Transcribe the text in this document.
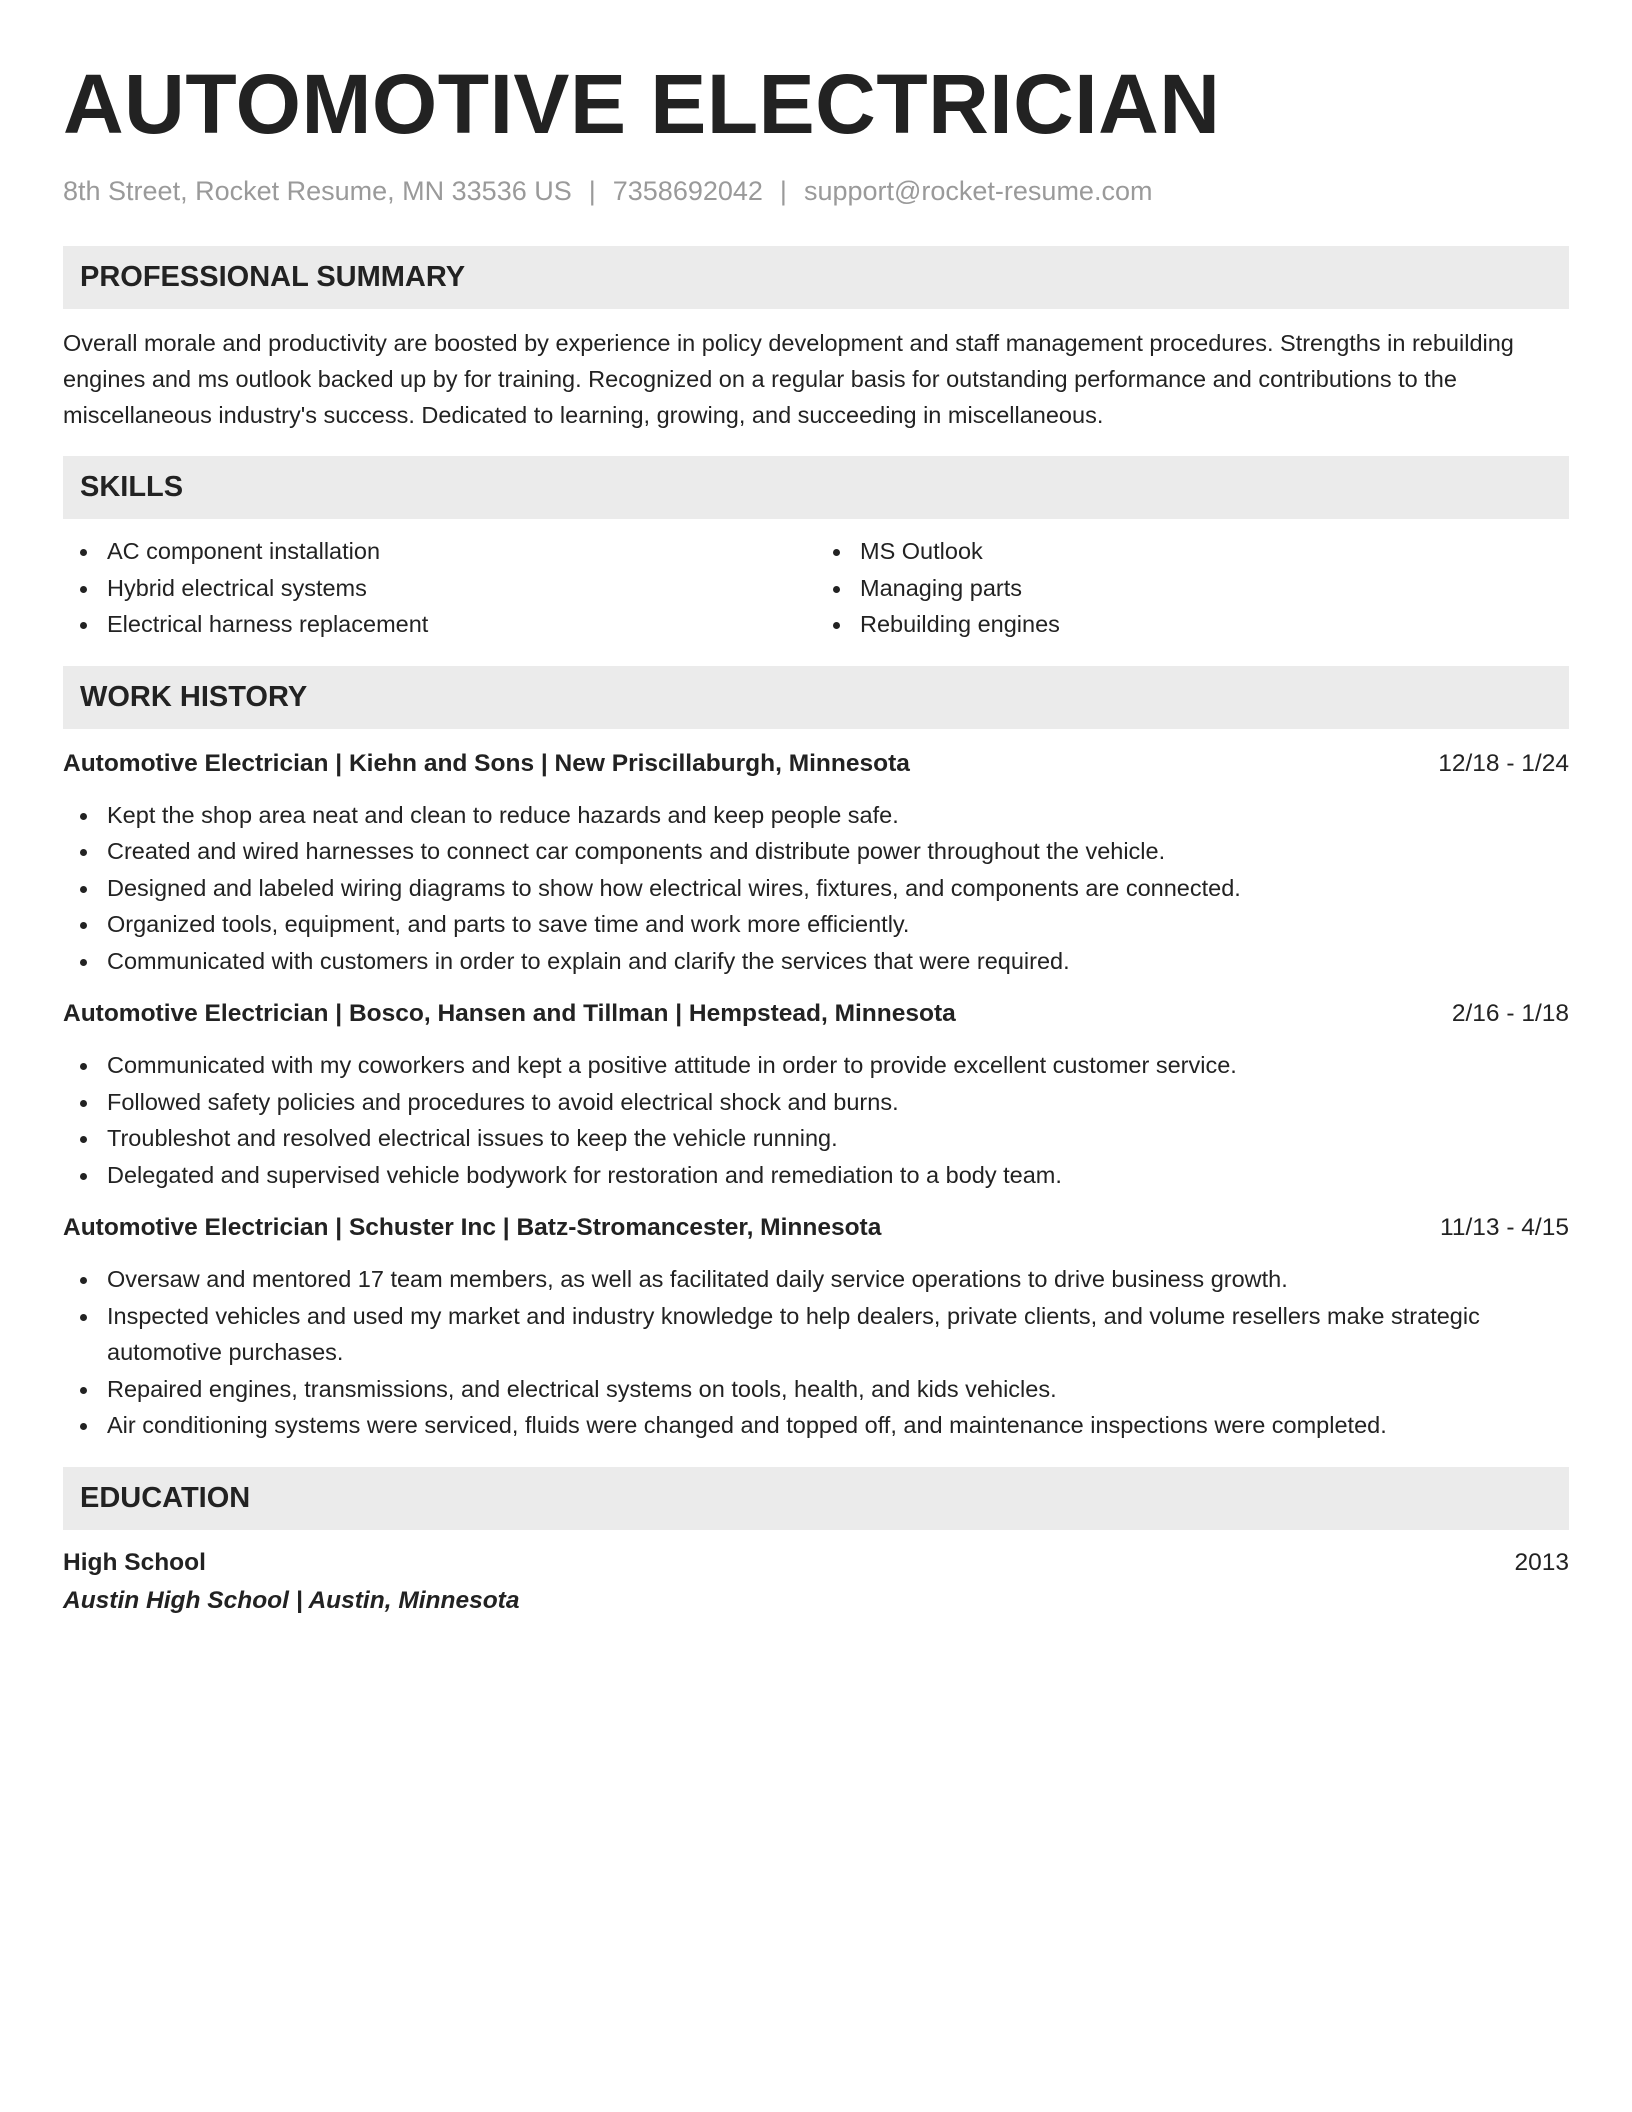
AUTOMOTIVE ELECTRICIAN
8th Street, Rocket Resume, MN 33536 US | 7358692042 | support@rocket-resume.com
PROFESSIONAL SUMMARY
Overall morale and productivity are boosted by experience in policy development and staff management procedures. Strengths in rebuilding engines and ms outlook backed up by for training. Recognized on a regular basis for outstanding performance and contributions to the miscellaneous industry's success. Dedicated to learning, growing, and succeeding in miscellaneous.
SKILLS
AC component installation
Hybrid electrical systems
Electrical harness replacement
MS Outlook
Managing parts
Rebuilding engines
WORK HISTORY
Automotive Electrician | Kiehn and Sons | New Priscillaburgh, Minnesota	12/18 - 1/24
Kept the shop area neat and clean to reduce hazards and keep people safe.
Created and wired harnesses to connect car components and distribute power throughout the vehicle.
Designed and labeled wiring diagrams to show how electrical wires, fixtures, and components are connected.
Organized tools, equipment, and parts to save time and work more efficiently.
Communicated with customers in order to explain and clarify the services that were required.
Automotive Electrician | Bosco, Hansen and Tillman | Hempstead, Minnesota	2/16 - 1/18
Communicated with my coworkers and kept a positive attitude in order to provide excellent customer service.
Followed safety policies and procedures to avoid electrical shock and burns.
Troubleshot and resolved electrical issues to keep the vehicle running.
Delegated and supervised vehicle bodywork for restoration and remediation to a body team.
Automotive Electrician | Schuster Inc | Batz-Stromancester, Minnesota	11/13 - 4/15
Oversaw and mentored 17 team members, as well as facilitated daily service operations to drive business growth.
Inspected vehicles and used my market and industry knowledge to help dealers, private clients, and volume resellers make strategic automotive purchases.
Repaired engines, transmissions, and electrical systems on tools, health, and kids vehicles.
Air conditioning systems were serviced, fluids were changed and topped off, and maintenance inspections were completed.
EDUCATION
High School	2013
Austin High School | Austin, Minnesota
